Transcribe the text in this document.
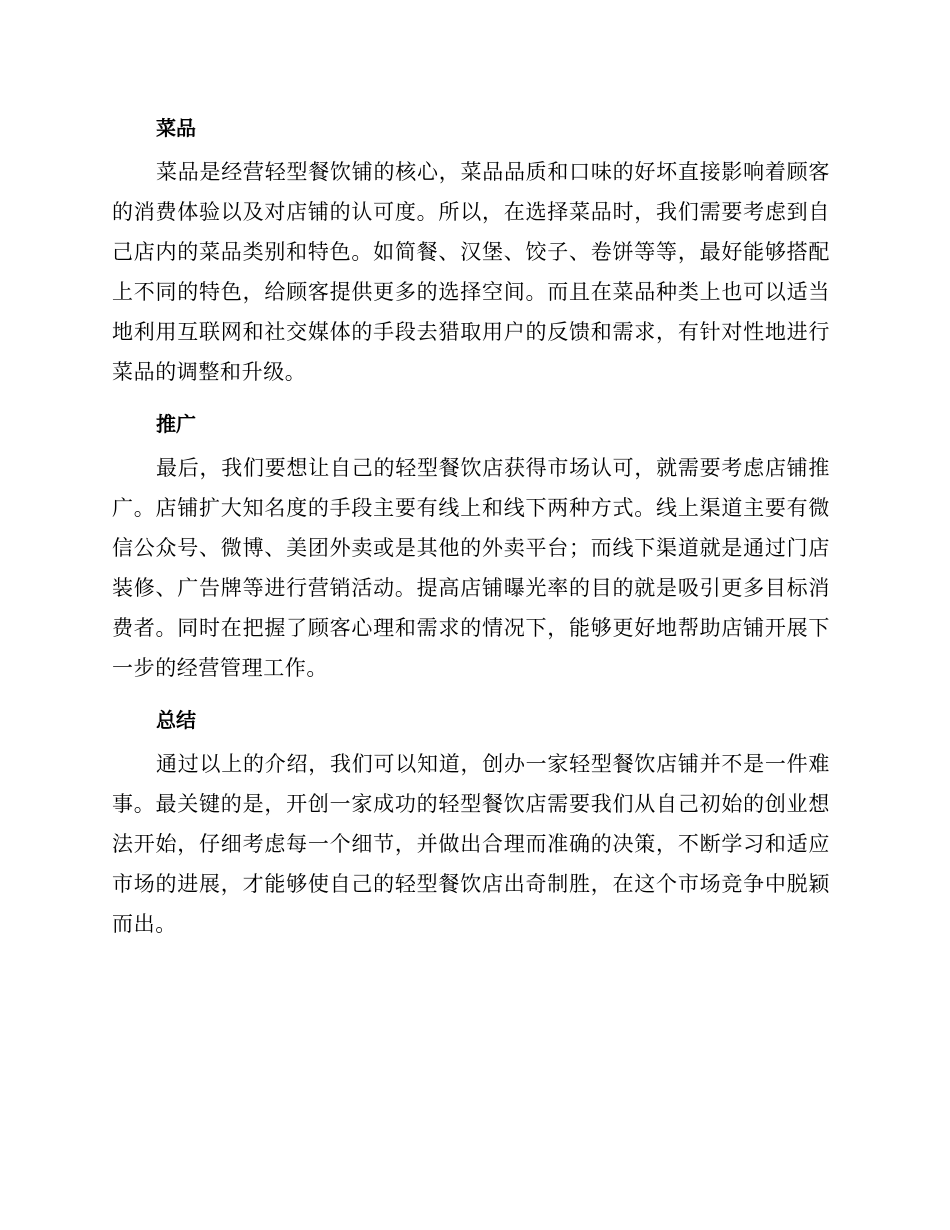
菜品

菜品是经营轻型餐饮铺的核心，菜品品质和口味的好坏直接影响着顾客的消费体验以及对店铺的认可度。所以，在选择菜品时，我们需要考虑到自己店内的菜品类别和特色。如简餐、汉堡、饺子、卷饼等等，最好能够搭配上不同的特色，给顾客提供更多的选择空间。而且在菜品种类上也可以适当地利用互联网和社交媒体的手段去猎取用户的反馈和需求，有针对性地进行菜品的调整和升级。

推广

最后，我们要想让自己的轻型餐饮店获得市场认可，就需要考虑店铺推广。店铺扩大知名度的手段主要有线上和线下两种方式。线上渠道主要有微信公众号、微博、美团外卖或是其他的外卖平台；而线下渠道就是通过门店装修、广告牌等进行营销活动。提高店铺曝光率的目的就是吸引更多目标消费者。同时在把握了顾客心理和需求的情况下，能够更好地帮助店铺开展下一步的经营管理工作。

总结

通过以上的介绍，我们可以知道，创办一家轻型餐饮店铺并不是一件难事。最关键的是，开创一家成功的轻型餐饮店需要我们从自己初始的创业想法开始，仔细考虑每一个细节，并做出合理而准确的决策，不断学习和适应市场的进展，才能够使自己的轻型餐饮店出奇制胜，在这个市场竞争中脱颖而出。
